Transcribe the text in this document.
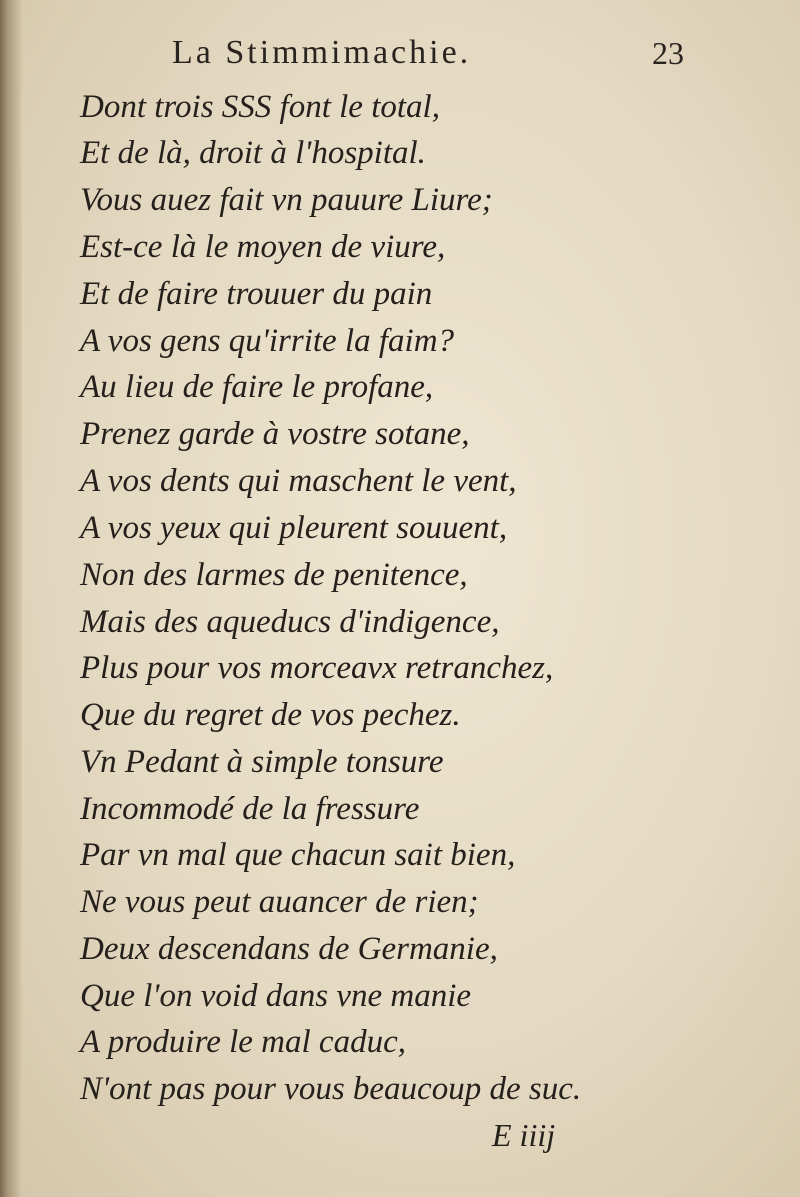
La Stimmimachie.	23
Dont trois SSS font le total,
Et de là, droit à l'hospital.
Vous auez fait vn pauure Liure;
Est-ce là le moyen de viure,
Et de faire trouuer du pain
A vos gens qu'irrite la faim?
Au lieu de faire le profane,
Prenez garde à vostre sotane,
A vos dents qui maschent le vent,
A vos yeux qui pleurent souuent,
Non des larmes de penitence,
Mais des aqueducs d'indigence,
Plus pour vos morceavx retranchez,
Que du regret de vos pechez.
Vn Pedant à simple tonsure
Incommodé de la fressure
Par vn mal que chacun sait bien,
Ne vous peut auancer de rien;
Deux descendans de Germanie,
Que l'on void dans vne manie
A produire le mal caduc,
N'ont pas pour vous beaucoup de suc.
E iiij
